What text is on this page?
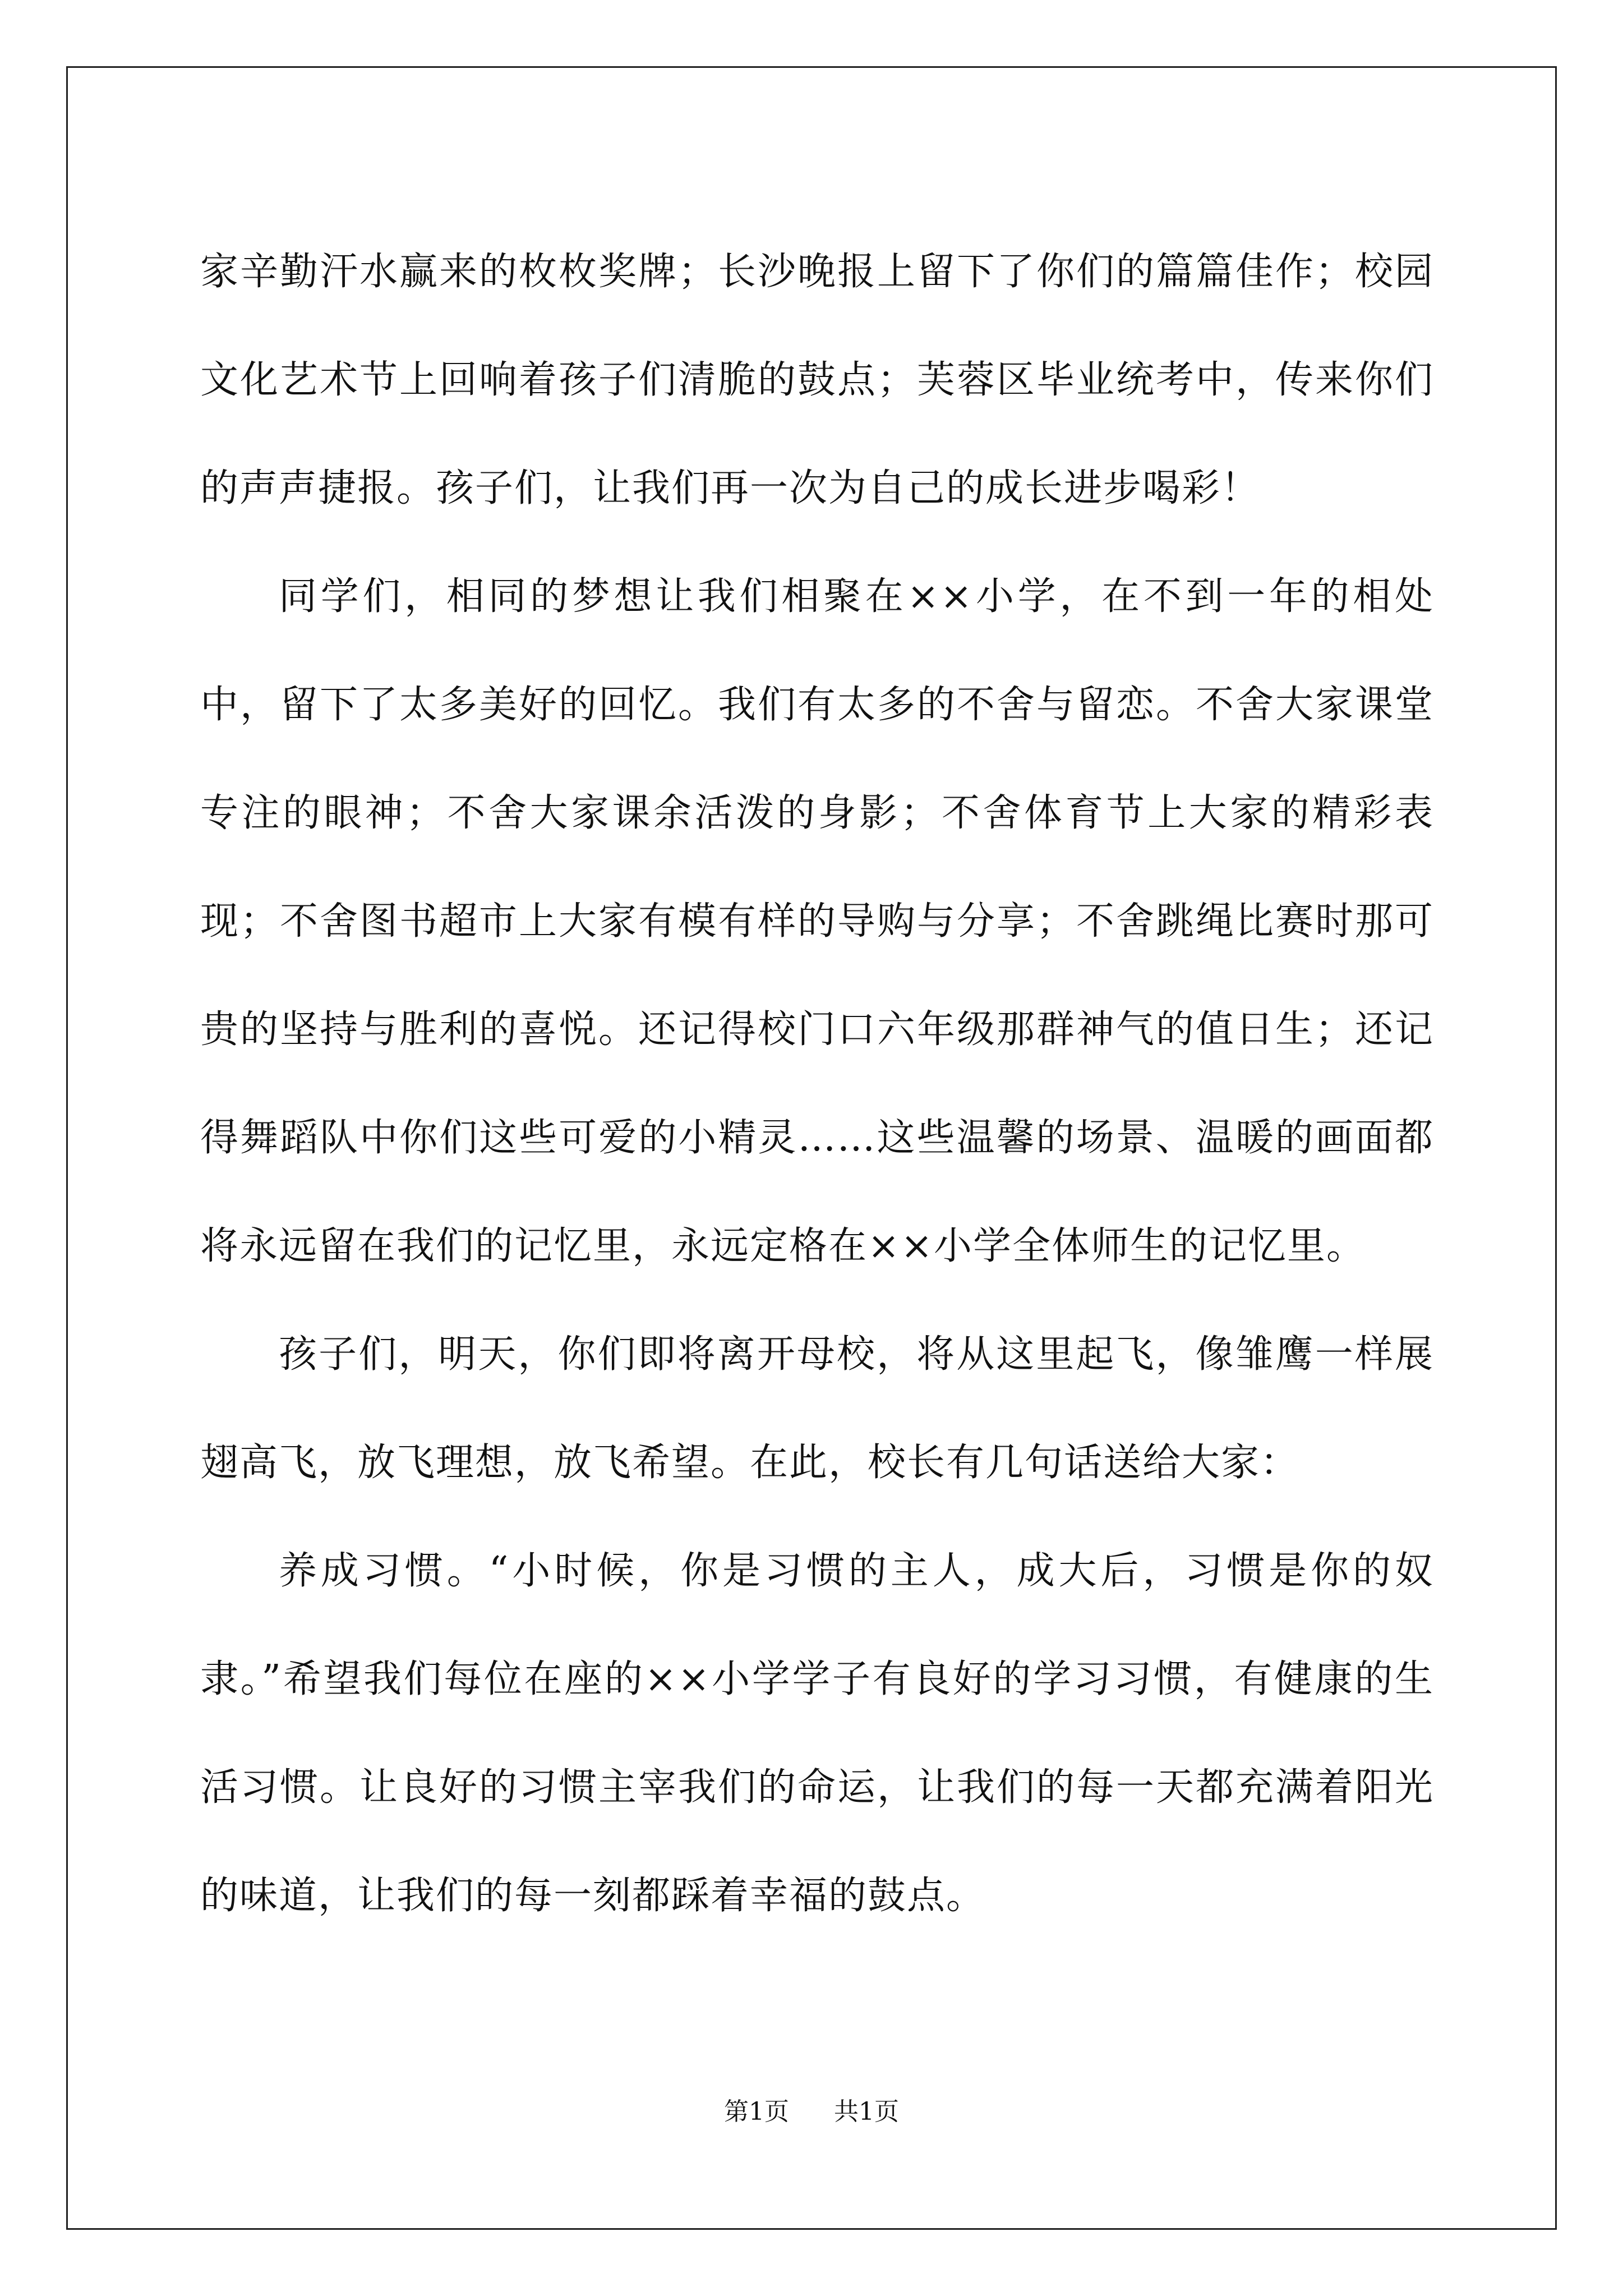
家辛勤汗水赢来的枚枚奖牌；长沙晚报上留下了你们的篇篇佳作；校园文化艺术节上回响着孩子们清脆的鼓点；芙蓉区毕业统考中，传来你们的声声捷报。孩子们，让我们再一次为自己的成长进步喝彩！

同学们，相同的梦想让我们相聚在××小学，在不到一年的相处中，留下了太多美好的回忆。我们有太多的不舍与留恋。不舍大家课堂专注的眼神；不舍大家课余活泼的身影；不舍体育节上大家的精彩表现；不舍图书超市上大家有模有样的导购与分享；不舍跳绳比赛时那可贵的坚持与胜利的喜悦。还记得校门口六年级那群神气的值日生；还记得舞蹈队中你们这些可爱的小精灵……这些温馨的场景、温暖的画面都将永远留在我们的记忆里，永远定格在××小学全体师生的记忆里。

孩子们，明天，你们即将离开母校，将从这里起飞，像雏鹰一样展翅高飞，放飞理想，放飞希望。在此，校长有几句话送给大家：

养成习惯。“小时候，你是习惯的主人，成大后，习惯是你的奴隶。”希望我们每位在座的××小学学子有良好的学习习惯，有健康的生活习惯。让良好的习惯主宰我们的命运，让我们的每一天都充满着阳光的味道，让我们的每一刻都踩着幸福的鼓点。

第1页 共1页
